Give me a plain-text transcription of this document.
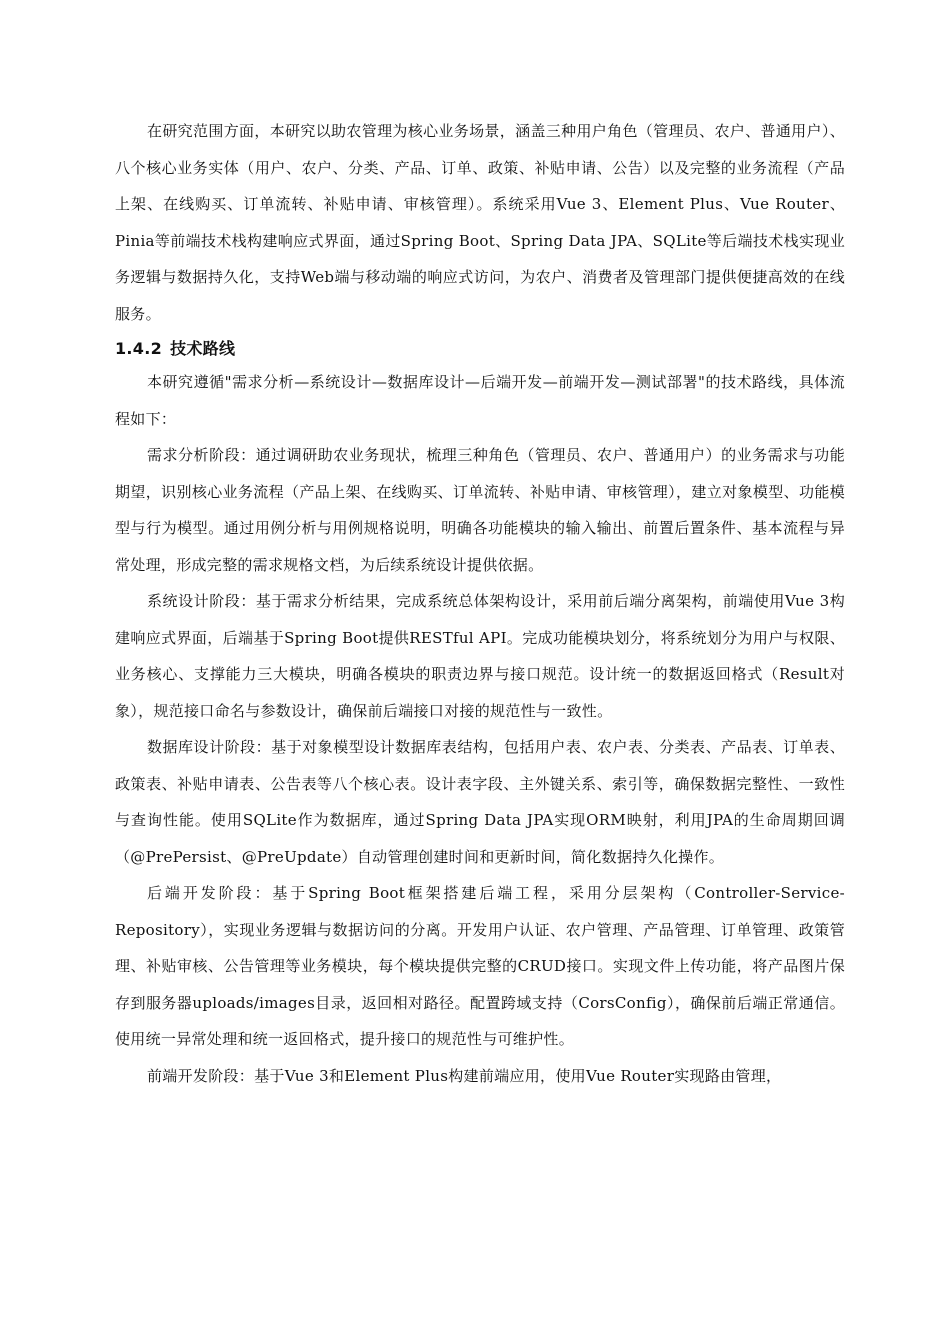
在研究范围方面，本研究以助农管理为核心业务场景，涵盖三种用户角色（管理员、农户、普通用户）、八个核心业务实体（用户、农户、分类、产品、订单、政策、补贴申请、公告）以及完整的业务流程（产品上架、在线购买、订单流转、补贴申请、审核管理）。系统采用Vue 3、Element Plus、Vue Router、Pinia等前端技术栈构建响应式界面，通过Spring Boot、Spring Data JPA、SQLite等后端技术栈实现业务逻辑与数据持久化，支持Web端与移动端的响应式访问，为农户、消费者及管理部门提供便捷高效的在线服务。

1.4.2 技术路线

本研究遵循"需求分析—系统设计—数据库设计—后端开发—前端开发—测试部署"的技术路线，具体流程如下：

需求分析阶段：通过调研助农业务现状，梳理三种角色（管理员、农户、普通用户）的业务需求与功能期望，识别核心业务流程（产品上架、在线购买、订单流转、补贴申请、审核管理），建立对象模型、功能模型与行为模型。通过用例分析与用例规格说明，明确各功能模块的输入输出、前置后置条件、基本流程与异常处理，形成完整的需求规格文档，为后续系统设计提供依据。

系统设计阶段：基于需求分析结果，完成系统总体架构设计，采用前后端分离架构，前端使用Vue 3构建响应式界面，后端基于Spring Boot提供RESTful API。完成功能模块划分，将系统划分为用户与权限、业务核心、支撑能力三大模块，明确各模块的职责边界与接口规范。设计统一的数据返回格式（Result对象），规范接口命名与参数设计，确保前后端接口对接的规范性与一致性。

数据库设计阶段：基于对象模型设计数据库表结构，包括用户表、农户表、分类表、产品表、订单表、政策表、补贴申请表、公告表等八个核心表。设计表字段、主外键关系、索引等，确保数据完整性、一致性与查询性能。使用SQLite作为数据库，通过Spring Data JPA实现ORM映射，利用JPA的生命周期回调（@PrePersist、@PreUpdate）自动管理创建时间和更新时间，简化数据持久化操作。

后端开发阶段：基于Spring Boot框架搭建后端工程，采用分层架构（Controller-Service-Repository），实现业务逻辑与数据访问的分离。开发用户认证、农户管理、产品管理、订单管理、政策管理、补贴审核、公告管理等业务模块，每个模块提供完整的CRUD接口。实现文件上传功能，将产品图片保存到服务器uploads/images目录，返回相对路径。配置跨域支持（CorsConfig），确保前后端正常通信。使用统一异常处理和统一返回格式，提升接口的规范性与可维护性。

前端开发阶段：基于Vue 3和Element Plus构建前端应用，使用Vue Router实现路由管理，
